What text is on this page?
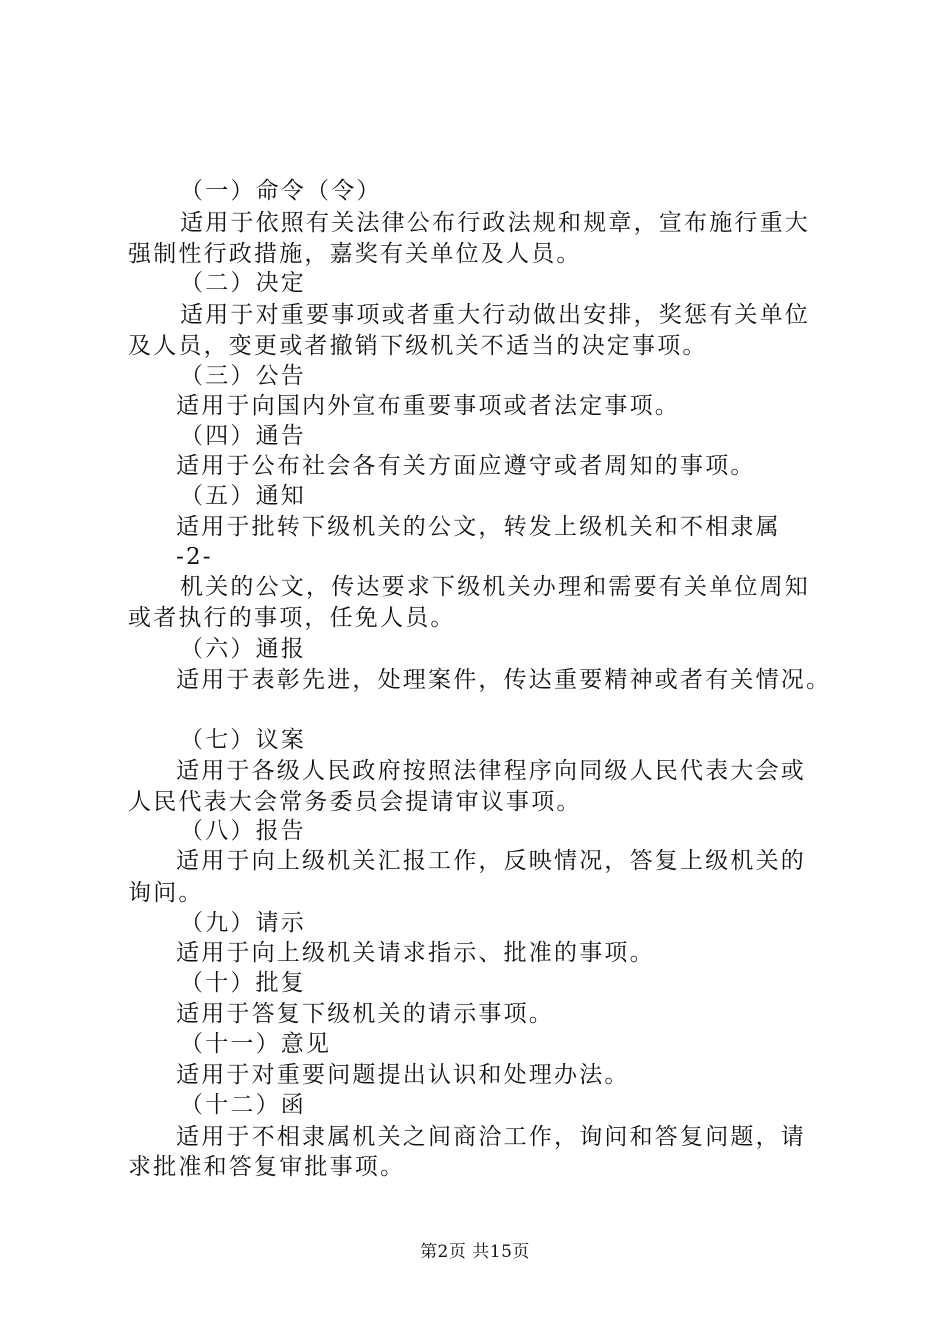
（一）命令（令）
适用于依照有关法律公布行政法规和规章，宣布施行重大
强制性行政措施，嘉奖有关单位及人员。
（二）决定
适用于对重要事项或者重大行动做出安排，奖惩有关单位
及人员，变更或者撤销下级机关不适当的决定事项。
（三）公告
适用于向国内外宣布重要事项或者法定事项。
（四）通告
适用于公布社会各有关方面应遵守或者周知的事项。
（五）通知
适用于批转下级机关的公文，转发上级机关和不相隶属
-2-
机关的公文，传达要求下级机关办理和需要有关单位周知
或者执行的事项，任免人员。
（六）通报
适用于表彰先进，处理案件，传达重要精神或者有关情况。
（七）议案
适用于各级人民政府按照法律程序向同级人民代表大会或
人民代表大会常务委员会提请审议事项。
（八）报告
适用于向上级机关汇报工作，反映情况，答复上级机关的
询问。
（九）请示
适用于向上级机关请求指示、批准的事项。
（十）批复
适用于答复下级机关的请示事项。
（十一）意见
适用于对重要问题提出认识和处理办法。
（十二）函
适用于不相隶属机关之间商洽工作，询问和答复问题，请
求批准和答复审批事项。
第2页 共15页
